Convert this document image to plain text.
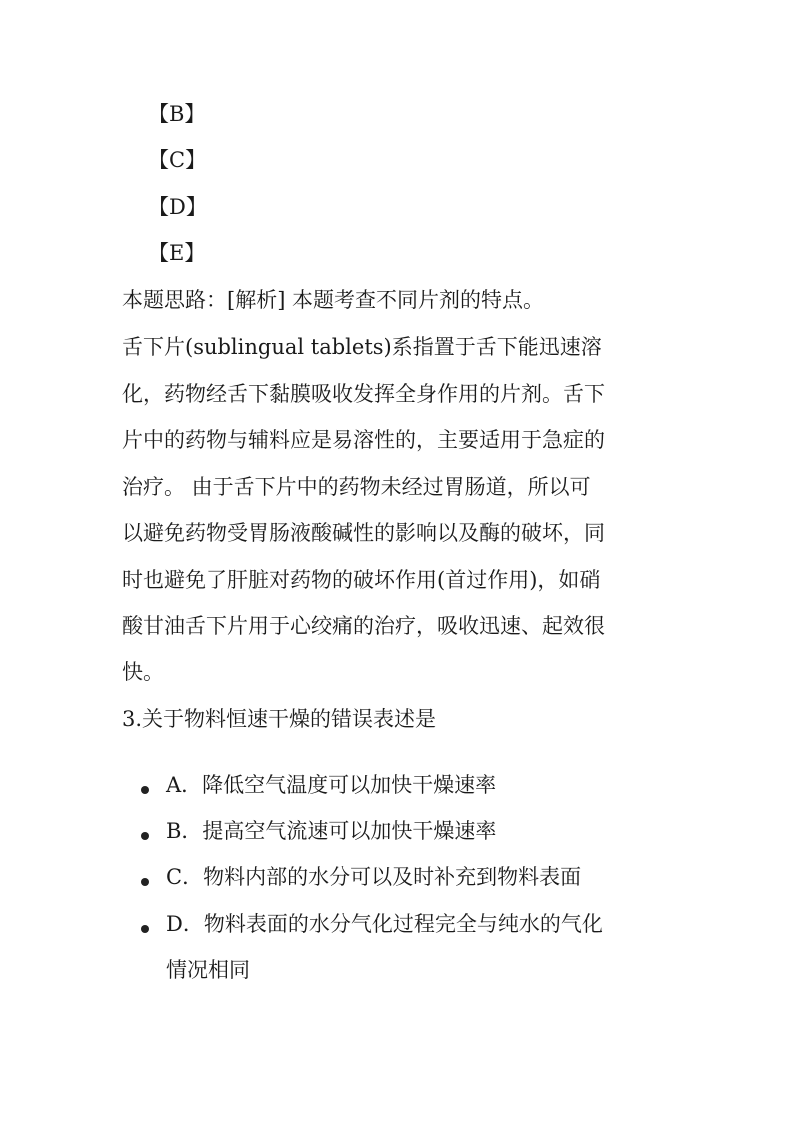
【B】
【C】
【D】
【E】
本题思路：[解析] 本题考查不同片剂的特点。
舌下片(sublingual tablets)系指置于舌下能迅速溶
化，药物经舌下黏膜吸收发挥全身作用的片剂。舌下
片中的药物与辅料应是易溶性的，主要适用于急症的
治疗。 由于舌下片中的药物未经过胃肠道，所以可
以避免药物受胃肠液酸碱性的影响以及酶的破坏，同
时也避免了肝脏对药物的破坏作用(首过作用)，如硝
酸甘油舌下片用于心绞痛的治疗，吸收迅速、起效很
快。
3.关于物料恒速干燥的错误表述是
A．降低空气温度可以加快干燥速率
B．提高空气流速可以加快干燥速率
C．物料内部的水分可以及时补充到物料表面
D．物料表面的水分气化过程完全与纯水的气化
情况相同
